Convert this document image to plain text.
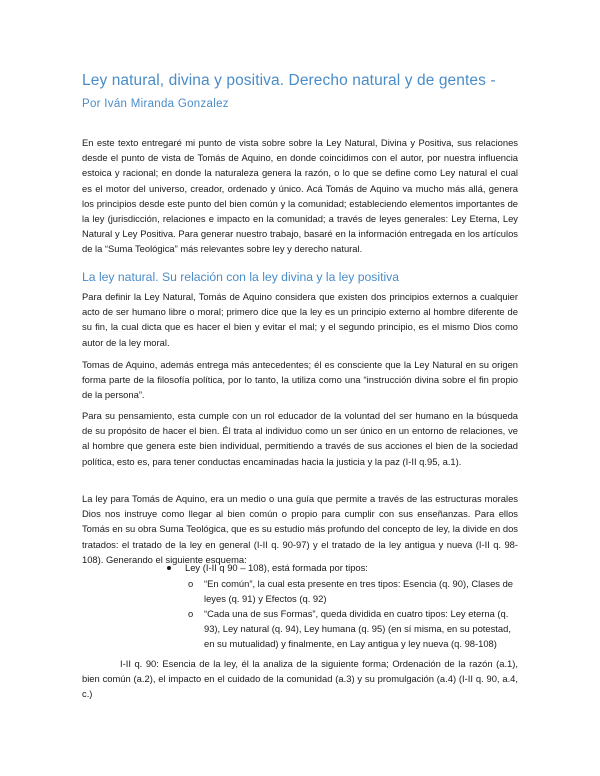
Ley natural, divina y positiva. Derecho natural y de gentes -
Por Iván Miranda Gonzalez

En este texto entregaré mi punto de vista sobre sobre la Ley Natural, Divina y Positiva, sus relaciones desde el punto de vista de Tomás de Aquino, en donde coincidimos con el autor, por nuestra influencia estoica y racional; en donde la naturaleza genera la razón, o lo que se define como Ley natural el cual es el motor del universo, creador, ordenado y único. Acá Tomás de Aquino va mucho más allá, genera los principios desde este punto del bien común y la comunidad; estableciendo elementos importantes de la ley (jurisdicción, relaciones e impacto en la comunidad; a través de leyes generales: Ley Eterna, Ley Natural y Ley Positiva. Para generar nuestro trabajo, basaré en la información entregada en los artículos de la “Suma Teológica” más relevantes sobre ley y derecho natural.

La ley natural. Su relación con la ley divina y la ley positiva

Para definir la Ley Natural, Tomás de Aquino considera que existen dos principios externos a cualquier acto de ser humano libre o moral; primero dice que la ley es un principio externo al hombre diferente de su fin, la cual dicta que es hacer el bien y evitar el mal; y el segundo principio, es el mismo Dios como autor de la ley moral.

Tomas de Aquino, además entrega más antecedentes; él es consciente que la Ley Natural en su origen forma parte de la filosofía política, por lo tanto, la utiliza como una “instrucción divina sobre el fin propio de la persona”.

Para su pensamiento, esta cumple con un rol educador de la voluntad del ser humano en la búsqueda de su propósito de hacer el bien. Él trata al individuo como un ser único en un entorno de relaciones, ve al hombre que genera este bien individual, permitiendo a través de sus acciones el bien de la sociedad política, esto es, para tener conductas encaminadas hacia la justicia y la paz (I-II q.95, a.1).

La ley para Tomás de Aquino, era un medio o una guía que permite a través de las estructuras morales Dios nos instruye como llegar al bien común o propio para cumplir con sus enseñanzas. Para ellos Tomás en su obra Suma Teológica, que es su estudio más profundo del concepto de ley, la divide en dos tratados: el tratado de la ley en general (I-II q. 90-97) y el tratado de la ley antigua y nueva (I-II q. 98-108). Generando el siguiente esquema:

Ley (I-II q 90 – 108), está formada por tipos:
o “En común”, la cual esta presente en tres tipos: Esencia (q. 90), Clases de leyes (q. 91) y Efectos (q. 92)

o “Cada una de sus Formas”, queda dividida en cuatro tipos: Ley eterna (q. 93), Ley natural (q. 94), Ley humana (q. 95) (en sí misma, en su potestad, en su mutualidad) y finalmente, en Lay antigua y ley nueva (q. 98-108)

I-II q. 90: Esencia de la ley, él la analiza de la siguiente forma; Ordenación de la razón (a.1), bien común (a.2), el impacto en el cuidado de la comunidad (a.3) y su promulgación (a.4) (I-II q. 90, a.4, c.)
